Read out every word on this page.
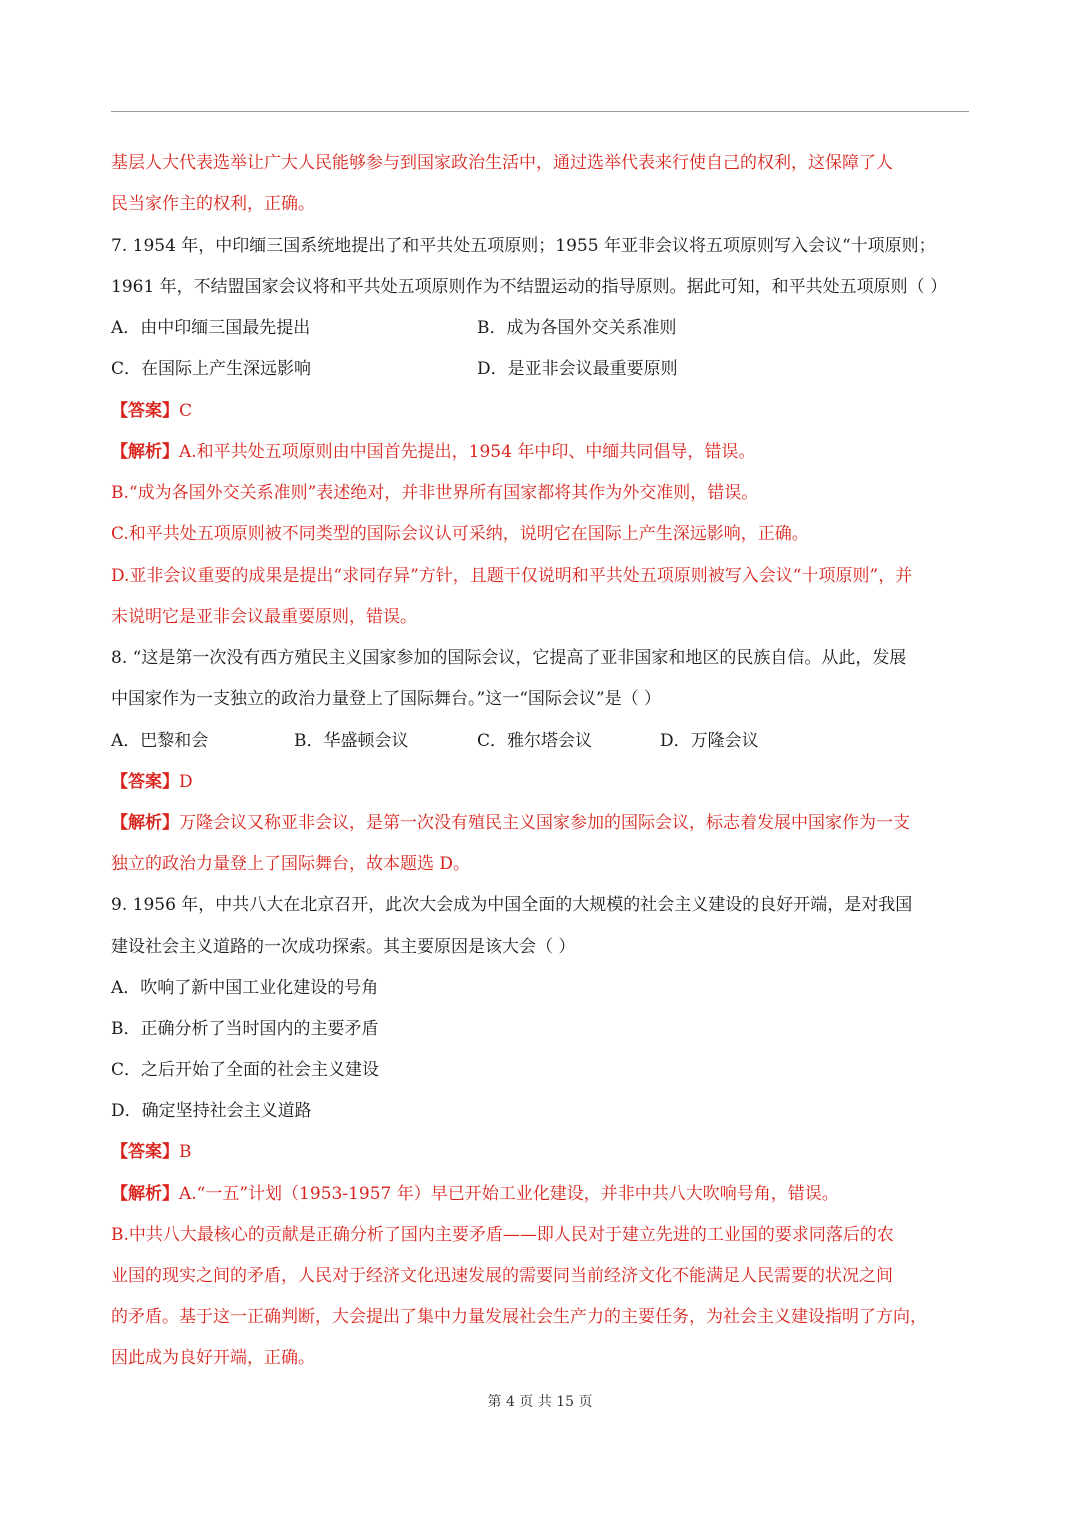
基层人大代表选举让广大人民能够参与到国家政治生活中，通过选举代表来行使自己的权利，这保障了人
民当家作主的权利，正确。
7. 1954 年，中印缅三国系统地提出了和平共处五项原则；1955 年亚非会议将五项原则写入会议“十项原则；
1961 年，不结盟国家会议将和平共处五项原则作为不结盟运动的指导原则。据此可知，和平共处五项原则（ ）
A．由中印缅三国最先提出	B．成为各国外交关系准则
C．在国际上产生深远影响	D．是亚非会议最重要原则
【答案】C
【解析】A.和平共处五项原则由中国首先提出，1954 年中印、中缅共同倡导，错误。
B.“成为各国外交关系准则”表述绝对，并非世界所有国家都将其作为外交准则，错误。
C.和平共处五项原则被不同类型的国际会议认可采纳，说明它在国际上产生深远影响，正确。
D.亚非会议重要的成果是提出“求同存异”方针，且题干仅说明和平共处五项原则被写入会议“十项原则”，并
未说明它是亚非会议最重要原则，错误。
8. “这是第一次没有西方殖民主义国家参加的国际会议，它提高了亚非国家和地区的民族自信。从此，发展
中国家作为一支独立的政治力量登上了国际舞台。”这一“国际会议”是（ ）
A．巴黎和会	B．华盛顿会议	C．雅尔塔会议	D．万隆会议
【答案】D
【解析】万隆会议又称亚非会议，是第一次没有殖民主义国家参加的国际会议，标志着发展中国家作为一支
独立的政治力量登上了国际舞台，故本题选 D。
9. 1956 年，中共八大在北京召开，此次大会成为中国全面的大规模的社会主义建设的良好开端，是对我国
建设社会主义道路的一次成功探索。其主要原因是该大会（ ）
A．吹响了新中国工业化建设的号角
B．正确分析了当时国内的主要矛盾
C．之后开始了全面的社会主义建设
D．确定坚持社会主义道路
【答案】B
【解析】A.“一五”计划（1953-1957 年）早已开始工业化建设，并非中共八大吹响号角，错误。
B.中共八大最核心的贡献是正确分析了国内主要矛盾——即人民对于建立先进的工业国的要求同落后的农
业国的现实之间的矛盾，人民对于经济文化迅速发展的需要同当前经济文化不能满足人民需要的状况之间
的矛盾。基于这一正确判断，大会提出了集中力量发展社会生产力的主要任务，为社会主义建设指明了方向，
因此成为良好开端，正确。
第 4 页 共 15 页
